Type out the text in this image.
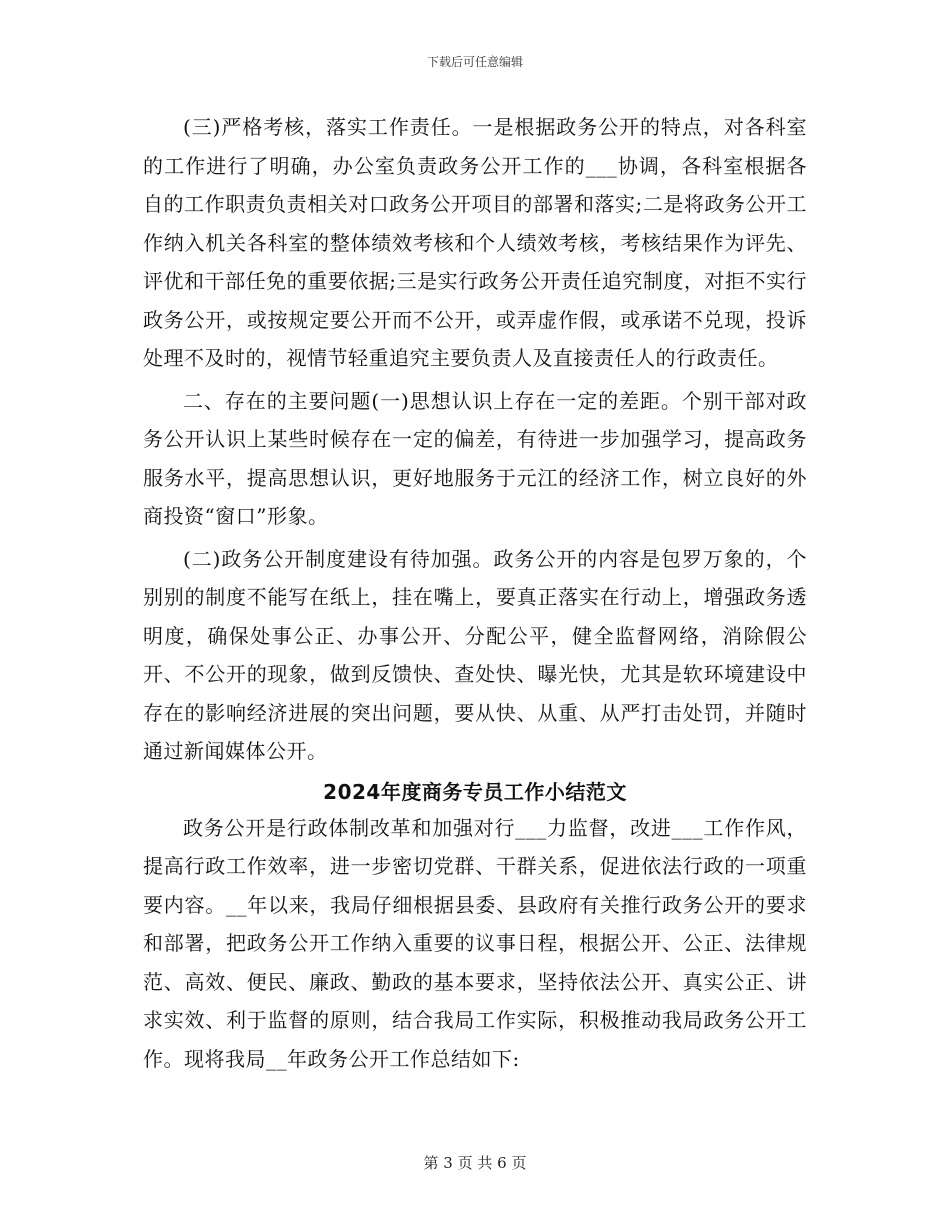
下载后可任意编辑

(三)严格考核，落实工作责任。一是根据政务公开的特点，对各科室的工作进行了明确，办公室负责政务公开工作的___协调，各科室根据各自的工作职责负责相关对口政务公开项目的部署和落实;二是将政务公开工作纳入机关各科室的整体绩效考核和个人绩效考核，考核结果作为评先、评优和干部任免的重要依据;三是实行政务公开责任追究制度，对拒不实行政务公开，或按规定要公开而不公开，或弄虚作假，或承诺不兑现，投诉处理不及时的，视情节轻重追究主要负责人及直接责任人的行政责任。

二、存在的主要问题(一)思想认识上存在一定的差距。个别干部对政务公开认识上某些时候存在一定的偏差，有待进一步加强学习，提高政务服务水平，提高思想认识，更好地服务于元江的经济工作，树立良好的外商投资“窗口”形象。

(二)政务公开制度建设有待加强。政务公开的内容是包罗万象的，个别别的制度不能写在纸上，挂在嘴上，要真正落实在行动上，增强政务透明度，确保处事公正、办事公开、分配公平，健全监督网络，消除假公开、不公开的现象，做到反馈快、查处快、曝光快，尤其是软环境建设中存在的影响经济进展的突出问题，要从快、从重、从严打击处罚，并随时通过新闻媒体公开。

2024年度商务专员工作小结范文

政务公开是行政体制改革和加强对行___力监督，改进___工作作风，提高行政工作效率，进一步密切党群、干群关系，促进依法行政的一项重要内容。__年以来，我局仔细根据县委、县政府有关推行政务公开的要求和部署，把政务公开工作纳入重要的议事日程，根据公开、公正、法律规范、高效、便民、廉政、勤政的基本要求，坚持依法公开、真实公正、讲求实效、利于监督的原则，结合我局工作实际，积极推动我局政务公开工作。现将我局__年政务公开工作总结如下:

第 3 页 共 6 页
